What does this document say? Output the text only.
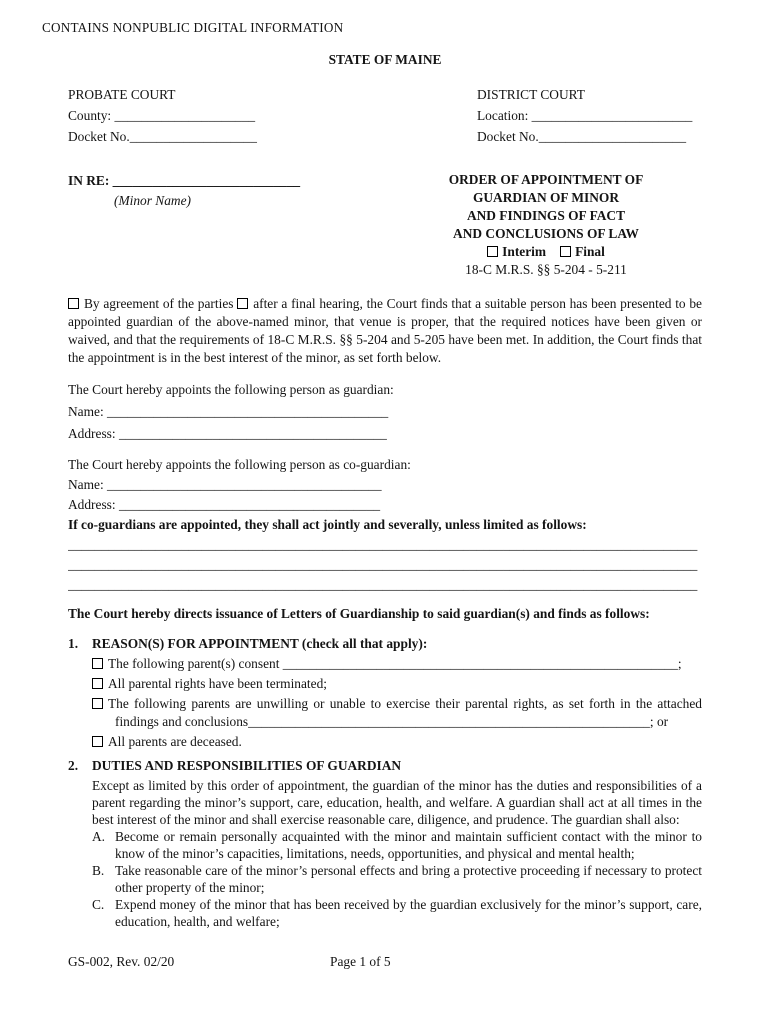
CONTAINS NONPUBLIC DIGITAL INFORMATION
STATE OF MAINE
PROBATE COURT
County: _____________________
Docket No.___________________
DISTRICT COURT
Location: ________________________
Docket No.______________________
IN RE: ____________________________
(Minor Name)
ORDER OF APPOINTMENT OF
GUARDIAN OF MINOR
AND FINDINGS OF FACT
AND CONCLUSIONS OF LAW
Interim Final
18-C M.R.S. §§ 5-204 - 5-211
By agreement of the parties after a final hearing, the Court finds that a suitable person has been presented to be appointed guardian of the above-named minor, that venue is proper, that the required notices have been given or waived, and that the requirements of 18-C M.R.S. §§ 5-204 and 5-205 have been met. In addition, the Court finds that the appointment is in the best interest of the minor, as set forth below.
The Court hereby appoints the following person as guardian:
Name: __________________________________________
Address: ________________________________________
The Court hereby appoints the following person as co-guardian:
Name: _________________________________________
Address: _______________________________________
If co-guardians are appointed, they shall act jointly and severally, unless limited as follows:
______________________________________________________________________________________________
______________________________________________________________________________________________
______________________________________________________________________________________________
The Court hereby directs issuance of Letters of Guardianship to said guardian(s) and finds as follows:
1.	REASON(S) FOR APPOINTMENT (check all that apply):
The following parent(s) consent ___________________________________________________________;
All parental rights have been terminated;
The following parents are unwilling or unable to exercise their parental rights, as set forth in the attached findings and conclusions____________________________________________________________; or
All parents are deceased.
2.	DUTIES AND RESPONSIBILITIES OF GUARDIAN
Except as limited by this order of appointment, the guardian of the minor has the duties and responsibilities of a parent regarding the minor’s support, care, education, health, and welfare. A guardian shall act at all times in the best interest of the minor and shall exercise reasonable care, diligence, and prudence. The guardian shall also:
A. Become or remain personally acquainted with the minor and maintain sufficient contact with the minor to know of the minor’s capacities, limitations, needs, opportunities, and physical and mental health;
B. Take reasonable care of the minor’s personal effects and bring a protective proceeding if necessary to protect other property of the minor;
C. Expend money of the minor that has been received by the guardian exclusively for the minor’s support, care, education, health, and welfare;
GS-002, Rev. 02/20	Page 1 of 5
